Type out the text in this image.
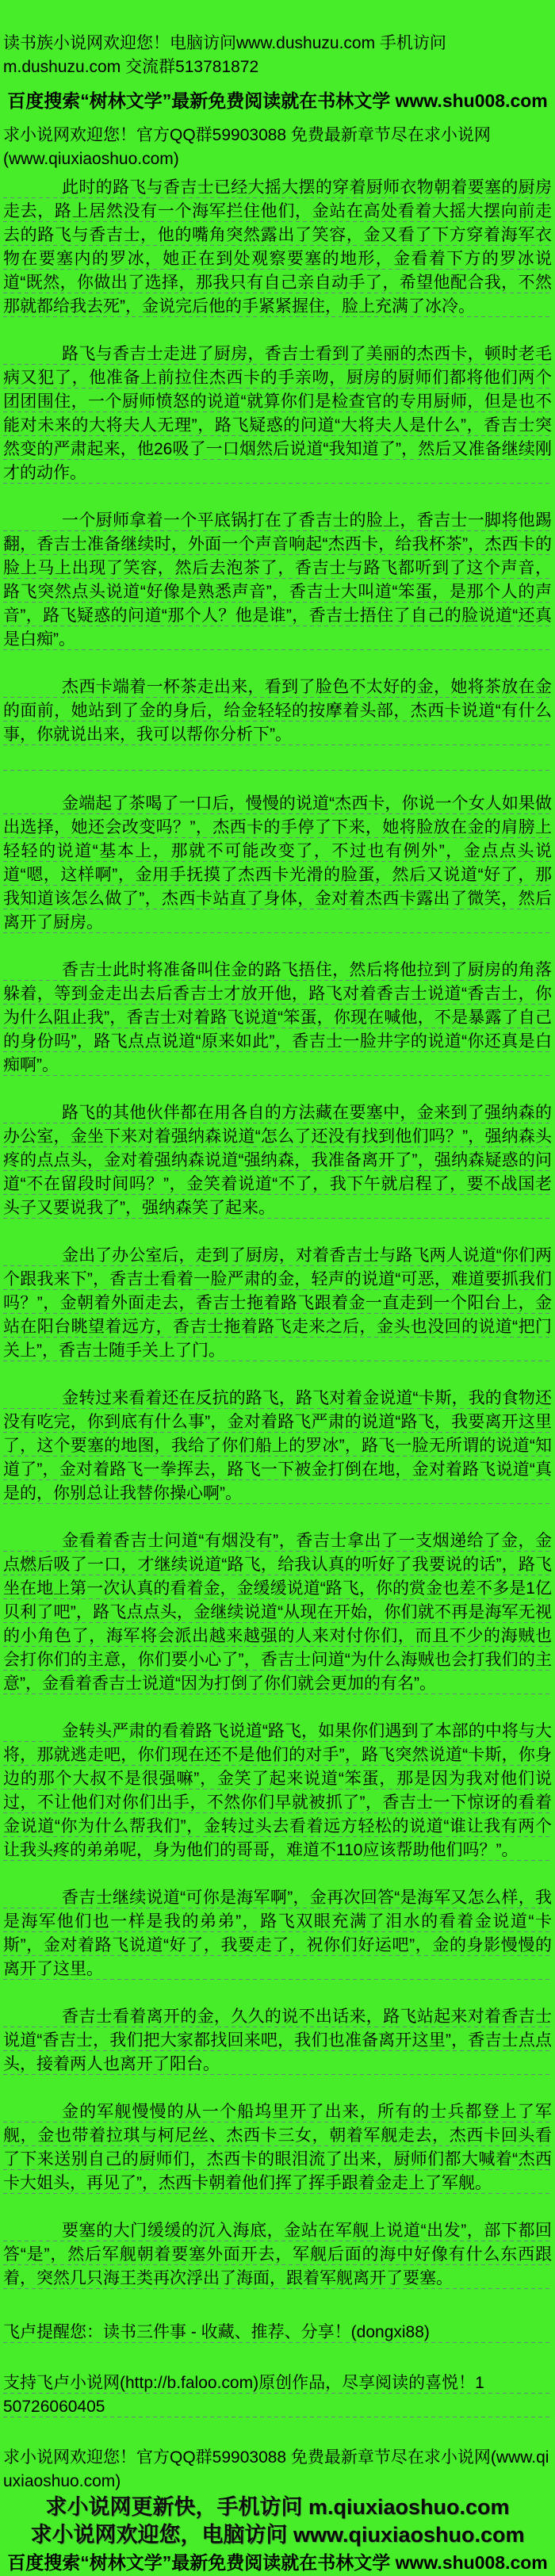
读书族小说网欢迎您！电脑访问www.dushuzu.com 手机访问m.dushuzu.com 交流群513781872
百度搜索“树林文学”最新免费阅读就在书林文学 www.shu008.com
求小说网欢迎您！官方QQ群59903088 免费最新章节尽在求小说网(www.qiuxiaoshuo.com)

此时的路飞与香吉士已经大摇大摆的穿着厨师衣物朝着要塞的厨房走去，路上居然没有一个海军拦住他们，金站在高处看着大摇大摆向前走去的路飞与香吉士，他的嘴角突然露出了笑容，金又看了下方穿着海军衣物在要塞内的罗冰，她正在到处观察要塞的地形，金看着下方的罗冰说道“既然，你做出了选择，那我只有自己亲自动手了，希望他配合我，不然那就都给我去死”，金说完后他的手紧紧握住，脸上充满了冰冷。

路飞与香吉士走进了厨房，香吉士看到了美丽的杰西卡，顿时老毛病又犯了，他准备上前拉住杰西卡的手亲吻，厨房的厨师们都将他们两个团团围住，一个厨师愤怒的说道“就算你们是检查官的专用厨师，但是也不能对未来的大将夫人无理”，路飞疑惑的问道“大将夫人是什么”，香吉士突然变的严肃起来，他26吸了一口烟然后说道“我知道了”，然后又准备继续刚才的动作。

一个厨师拿着一个平底锅打在了香吉士的脸上，香吉士一脚将他踢翻，香吉士准备继续时，外面一个声音响起“杰西卡，给我杯茶”，杰西卡的脸上马上出现了笑容，然后去泡茶了，香吉士与路飞都听到了这个声音，路飞突然点头说道“好像是熟悉声音”，香吉士大叫道“笨蛋，是那个人的声音”，路飞疑惑的问道“那个人？他是谁”，香吉士捂住了自己的脸说道“还真是白痴”。

杰西卡端着一杯茶走出来，看到了脸色不太好的金，她将茶放在金的面前，她站到了金的身后，给金轻轻的按摩着头部，杰西卡说道“有什么事，你就说出来，我可以帮你分析下”。

金端起了茶喝了一口后，慢慢的说道“杰西卡，你说一个女人如果做出选择，她还会改变吗？”，杰西卡的手停了下来，她将脸放在金的肩膀上轻轻的说道“基本上，那就不可能改变了，不过也有例外”，金点点头说道“嗯，这样啊”，金用手抚摸了杰西卡光滑的脸蛋，然后又说道“好了，那我知道该怎么做了”，杰西卡站直了身体，金对着杰西卡露出了微笑，然后离开了厨房。

香吉士此时将准备叫住金的路飞捂住，然后将他拉到了厨房的角落躲着，等到金走出去后香吉士才放开他，路飞对着香吉士说道“香吉士，你为什么阻止我”，香吉士对着路飞说道“笨蛋，你现在喊他，不是暴露了自己的身份吗”，路飞点点说道“原来如此”，香吉士一脸井字的说道“你还真是白痴啊”。

路飞的其他伙伴都在用各自的方法藏在要塞中，金来到了强纳森的办公室，金坐下来对着强纳森说道“怎么了还没有找到他们吗？”，强纳森头疼的点点头，金对着强纳森说道“强纳森，我准备离开了”，强纳森疑惑的问道“不在留段时间吗？”，金笑着说道“不了，我下午就启程了，要不战国老头子又要说我了”，强纳森笑了起来。

金出了办公室后，走到了厨房，对着香吉士与路飞两人说道“你们两个跟我来下”，香吉士看着一脸严肃的金，轻声的说道“可恶，难道要抓我们吗？”，金朝着外面走去，香吉士拖着路飞跟着金一直走到一个阳台上，金站在阳台眺望着远方，香吉士拖着路飞走来之后，金头也没回的说道“把门关上”，香吉士随手关上了门。

金转过来看着还在反抗的路飞，路飞对着金说道“卡斯，我的食物还没有吃完，你到底有什么事”，金对着路飞严肃的说道“路飞，我要离开这里了，这个要塞的地图，我给了你们船上的罗冰”，路飞一脸无所谓的说道“知道了”，金对着路飞一拳挥去，路飞一下被金打倒在地，金对着路飞说道“真是的，你别总让我替你操心啊”。

金看着香吉士问道“有烟没有”，香吉士拿出了一支烟递给了金，金点燃后吸了一口，才继续说道“路飞，给我认真的听好了我要说的话”，路飞坐在地上第一次认真的看着金，金缓缓说道“路飞，你的赏金也差不多是1亿贝利了吧”，路飞点点头，金继续说道“从现在开始，你们就不再是海军无视的小角色了，海军将会派出越来越强的人来对付你们，而且不少的海贼也会打你们的主意，你们要小心了”，香吉士问道“为什么海贼也会打我们的主意”，金看着香吉士说道“因为打倒了你们就会更加的有名”。

金转头严肃的看着路飞说道“路飞，如果你们遇到了本部的中将与大将，那就逃走吧，你们现在还不是他们的对手”，路飞突然说道“卡斯，你身边的那个大叔不是很强嘛”，金笑了起来说道“笨蛋，那是因为我对他们说过，不让他们对你们出手，不然你们早就被抓了”，香吉士一下惊讶的看着金说道“你为什么帮我们”，金转过头去看着远方轻松的说道“谁让我有两个让我头疼的弟弟呢，身为他们的哥哥，难道不110应该帮助他们吗？”。

香吉士继续说道“可你是海军啊”，金再次回答“是海军又怎么样，我是海军他们也一样是我的弟弟”，路飞双眼充满了泪水的看着金说道“卡斯”，金对着路飞说道“好了，我要走了，祝你们好运吧”，金的身影慢慢的离开了这里。

香吉士看着离开的金，久久的说不出话来，路飞站起来对着香吉士说道“香吉士，我们把大家都找回来吧，我们也准备离开这里”，香吉士点点头，接着两人也离开了阳台。

金的军舰慢慢的从一个船坞里开了出来，所有的士兵都登上了军舰，金也带着拉琪与柯尼丝、杰西卡三女，朝着军舰走去，杰西卡回头看了下来送别自己的厨师们，杰西卡的眼泪流了出来，厨师们都大喊着“杰西卡大姐头，再见了”，杰西卡朝着他们挥了挥手跟着金走上了军舰。

要塞的大门缓缓的沉入海底，金站在军舰上说道“出发”，部下都回答“是”，然后军舰朝着要塞外面开去，军舰后面的海中好像有什么东西跟着，突然几只海王类再次浮出了海面，跟着军舰离开了要塞。

飞卢提醒您：读书三件事 - 收藏、推荐、分享！(dongxi88)
支持飞卢小说网(http://b.faloo.com)原创作品，尽享阅读的喜悦！1
50726060405
求小说网欢迎您！官方QQ群59903088 免费最新章节尽在求小说网(www.qiuxiaoshuo.com)
求小说网更新快，手机访问 m.qiuxiaoshuo.com
求小说网欢迎您，电脑访问 www.qiuxiaoshuo.com
百度搜索“树林文学”最新免费阅读就在书林文学 www.shu008.com
